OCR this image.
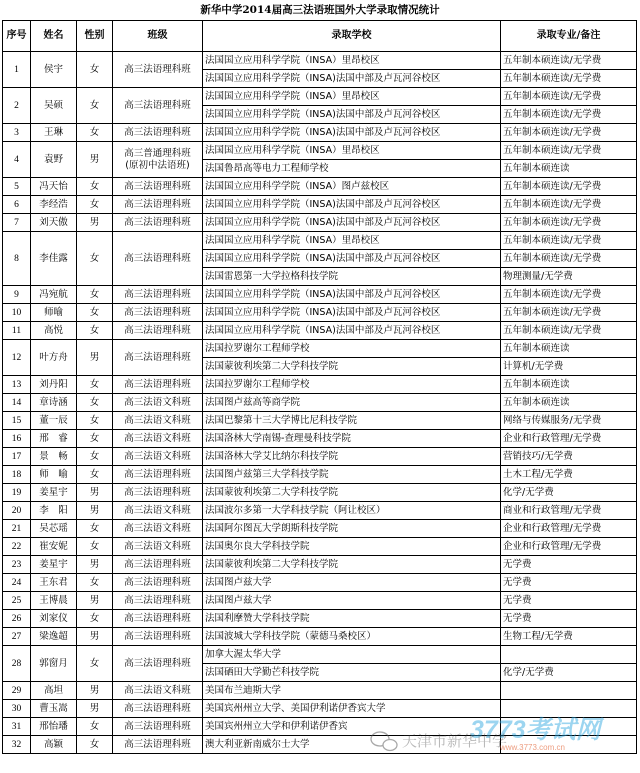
新华中学2014届高三法语班国外大学录取情况统计
序号	姓名	性别	班级	录取学校	录取专业/备注
1	侯宇	女	高三法语理科班	法国国立应用科学学院（INSA）里昂校区	五年制本硕连读/无学费
				法国国立应用科学学院（INSA)法国中部及卢瓦河谷校区	五年制本硕连读/无学费
2	吴硕	女	高三法语理科班	法国国立应用科学学院（INSA）里昂校区	五年制本硕连读/无学费
				法国国立应用科学学院（INSA)法国中部及卢瓦河谷校区	五年制本硕连读/无学费
3	王琳	女	高三法语理科班	法国国立应用科学学院（INSA)法国中部及卢瓦河谷校区	五年制本硕连读/无学费
4	袁野	男	高三普通理科班
(原初中法语班)	法国国立应用科学学院（INSA）里昂校区	五年制本硕连读/无学费
				法国鲁昂高等电力工程师学校	五年制本硕连读
5	冯天怡	女	高三法语理科班	法国国立应用科学学院（INSA）图卢兹校区	五年制本硕连读/无学费
6	李经浩	女	高三法语理科班	法国国立应用科学学院（INSA)法国中部及卢瓦河谷校区	五年制本硕连读/无学费
7	刘天傲	男	高三法语理科班	法国国立应用科学学院（INSA)法国中部及卢瓦河谷校区	五年制本硕连读/无学费
8	李佳露	女	高三法语理科班	法国国立应用科学学院（INSA）里昂校区	五年制本硕连读/无学费
				法国国立应用科学学院（INSA)法国中部及卢瓦河谷校区	五年制本硕连读/无学费
				法国雷恩第一大学拉格科技学院	物理测量/无学费
9	冯宛航	女	高三法语理科班	法国国立应用科学学院（INSA)法国中部及卢瓦河谷校区	五年制本硕连读/无学费
10	师喻	女	高三法语理科班	法国国立应用科学学院（INSA)法国中部及卢瓦河谷校区	五年制本硕连读/无学费
11	高悦	女	高三法语理科班	法国国立应用科学学院（INSA)法国中部及卢瓦河谷校区	五年制本硕连读/无学费
12	叶方舟	男	高三法语理科班	法国拉罗谢尔工程师学校	五年制本硕连读
				法国蒙彼利埃第二大学科技学院	计算机/无学费
13	刘丹阳	女	高三法语理科班	法国拉罗谢尔工程师学校	五年制本硕连读
14	章诗涵	女	高三法语文科班	法国图卢兹高等商学院	五年制本硕连读
15	董一辰	女	高三法语文科班	法国巴黎第十三大学博比尼科技学院	网络与传媒服务/无学费
16	邢　睿	女	高三法语文科班	法国洛林大学南锡-查理曼科技学院	企业和行政管理/无学费
17	景　畅	女	高三法语文科班	法国洛林大学艾比纳尔科技学院	营销技巧/无学费
18	师　喻	女	高三法语理科班	法国图卢兹第三大学科技学院	土木工程/无学费
19	姜星宇	男	高三法语理科班	法国蒙彼利埃第二大学科技学院	化学/无学费
20	李　阳	男	高三法语文科班	法国波尔多第一大学科技学院（阿让校区）	商业和行政管理/无学费
21	吴芯瑶	女	高三法语文科班	法国阿尔图瓦大学朗斯科技学院	企业和行政管理/无学费
22	崔安妮	女	高三法语文科班	法国奥尔良大学科技学院	企业和行政管理/无学费
23	姜星宇	男	高三法语理科班	法国蒙彼利埃第二大学科技学院	无学费
24	王东君	女	高三法语理科班	法国图卢兹大学	无学费
25	王博晨	男	高三法语理科班	法国图卢兹大学	无学费
26	刘家仪	女	高三法语理科班	法国利摩赞大学科技学院	无学费
27	梁逸超	男	高三法语理科班	法国波城大学科技学院（蒙德马桑校区）	生物工程/无学费
28	郭窗月	女	高三法语理科班	加拿大渥太华大学	
				法国硒田大学勤芒科技学院	化学/无学费
29	高坦	男	高三法语文科班	美国布兰迪斯大学	
30	曹玉嵩	男	高三法语理科班	美国宾州州立大学、美国伊利诺伊香宾大学	
31	邢怡璠	女	高三法语理科班	美国宾州州立大学和伊利诺伊香宾	
32	高颖	女	高三法语理科班	澳大利亚新南威尔士大学		3773考试网
www.3773.com.cn
天津市新华中学
